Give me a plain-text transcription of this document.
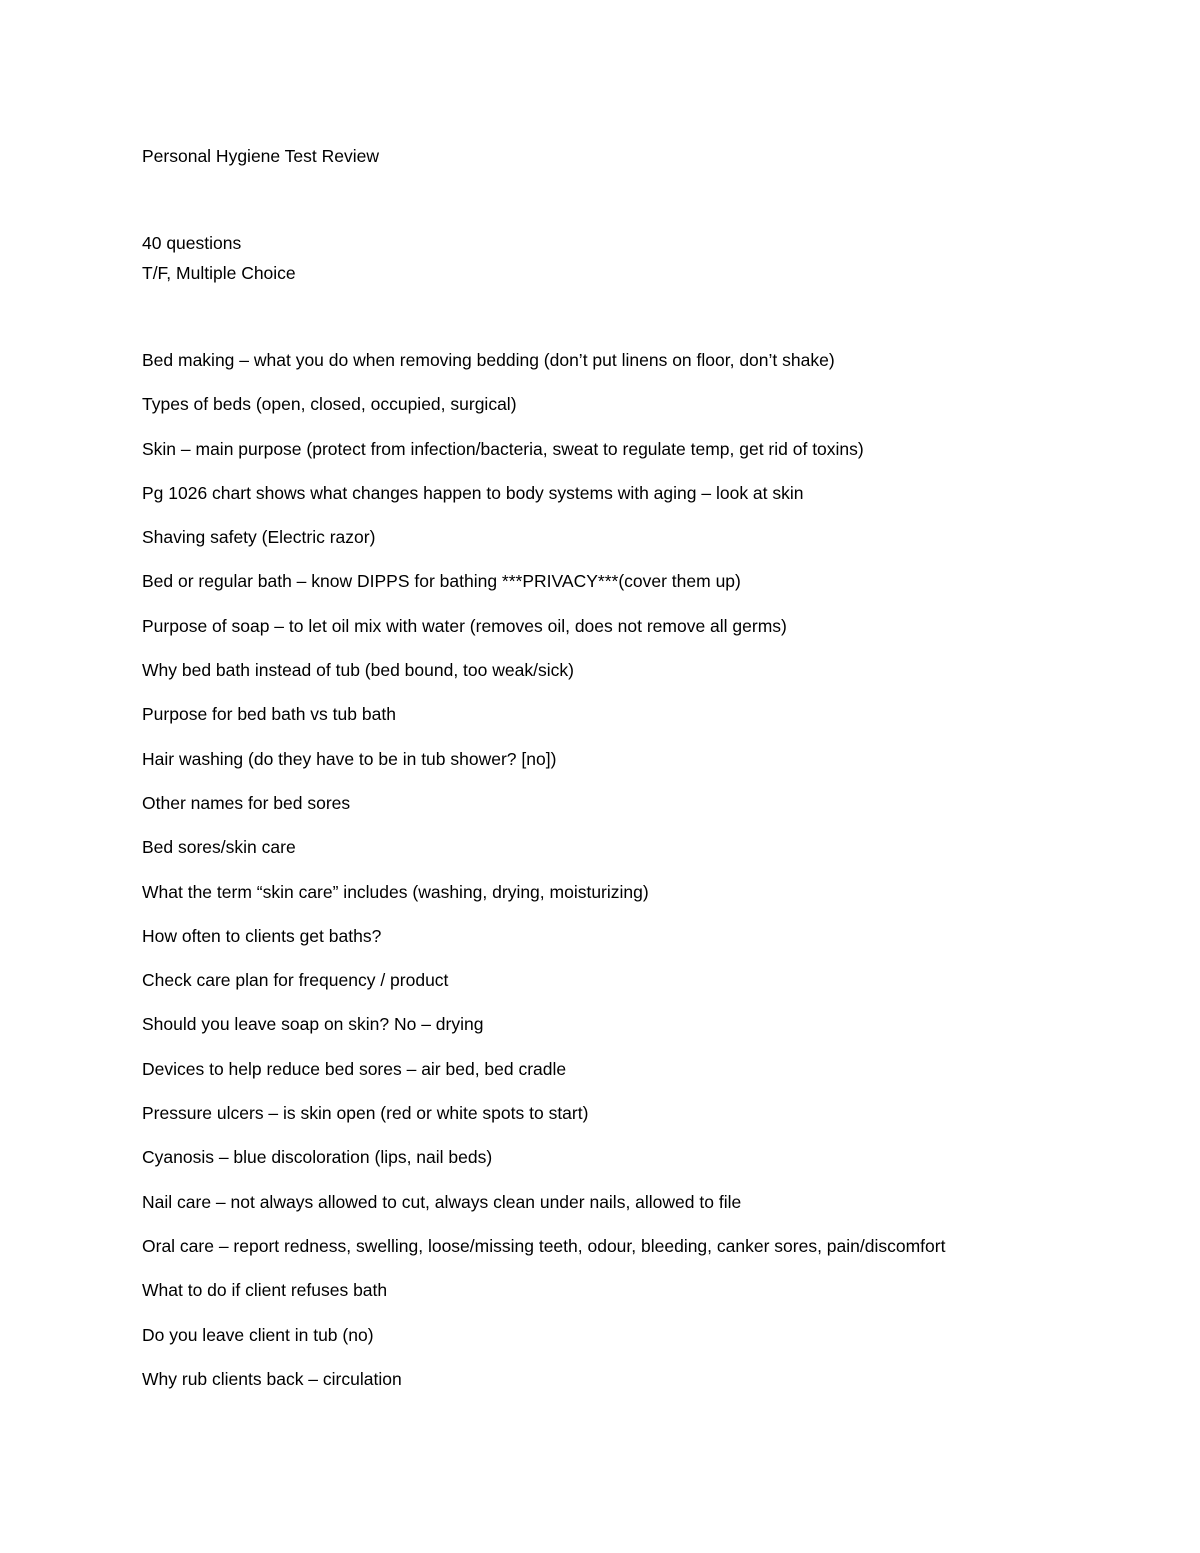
Personal Hygiene Test Review
40 questions
T/F, Multiple Choice
Bed making – what you do when removing bedding (don’t put linens on floor, don’t shake)
Types of beds (open, closed, occupied, surgical)
Skin – main purpose (protect from infection/bacteria, sweat to regulate temp, get rid of toxins)
Pg 1026 chart shows what changes happen to body systems with aging – look at skin
Shaving safety (Electric razor)
Bed or regular bath – know DIPPS for bathing ***PRIVACY***(cover them up)
Purpose of soap – to let oil mix with water (removes oil, does not remove all germs)
Why bed bath instead of tub (bed bound, too weak/sick)
Purpose for bed bath vs tub bath
Hair washing (do they have to be in tub shower? [no])
Other names for bed sores
Bed sores/skin care
What the term “skin care” includes (washing, drying, moisturizing)
How often to clients get baths?
Check care plan for frequency / product
Should you leave soap on skin? No – drying
Devices to help reduce bed sores – air bed, bed cradle
Pressure ulcers – is skin open (red or white spots to start)
Cyanosis – blue discoloration (lips, nail beds)
Nail care – not always allowed to cut, always clean under nails, allowed to file
Oral care – report redness, swelling, loose/missing teeth, odour, bleeding, canker sores, pain/discomfort
What to do if client refuses bath
Do you leave client in tub (no)
Why rub clients back – circulation
